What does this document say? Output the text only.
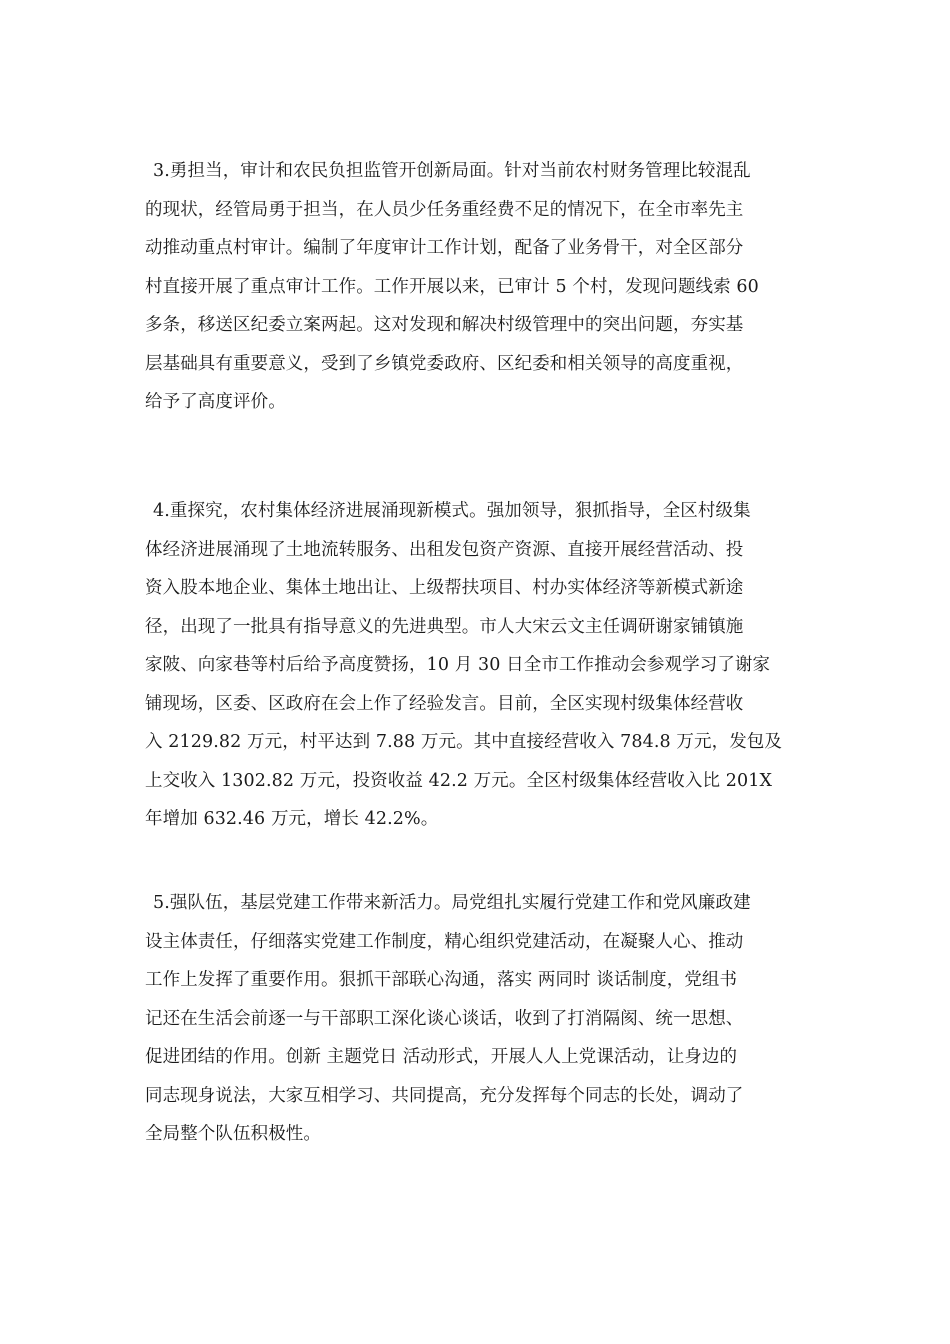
3.勇担当，审计和农民负担监管开创新局面。针对当前农村财务管理比较混乱
的现状，经管局勇于担当，在人员少任务重经费不足的情况下，在全市率先主
动推动重点村审计。编制了年度审计工作计划，配备了业务骨干，对全区部分
村直接开展了重点审计工作。工作开展以来，已审计 5 个村，发现问题线索 60
多条，移送区纪委立案两起。这对发现和解决村级管理中的突出问题，夯实基
层基础具有重要意义，受到了乡镇党委政府、区纪委和相关领导的高度重视，
给予了高度评价。
4.重探究，农村集体经济进展涌现新模式。强加领导，狠抓指导，全区村级集
体经济进展涌现了土地流转服务、出租发包资产资源、直接开展经营活动、投
资入股本地企业、集体土地出让、上级帮扶项目、村办实体经济等新模式新途
径，出现了一批具有指导意义的先进典型。市人大宋云文主任调研谢家铺镇施
家陂、向家巷等村后给予高度赞扬，10 月 30 日全市工作推动会参观学习了谢家
铺现场，区委、区政府在会上作了经验发言。目前，全区实现村级集体经营收
入 2129.82 万元，村平达到 7.88 万元。其中直接经营收入 784.8 万元，发包及
上交收入 1302.82 万元，投资收益 42.2 万元。全区村级集体经营收入比 201X
年增加 632.46 万元，增长 42.2%。
5.强队伍，基层党建工作带来新活力。局党组扎实履行党建工作和党风廉政建
设主体责任，仔细落实党建工作制度，精心组织党建活动，在凝聚人心、推动
工作上发挥了重要作用。狠抓干部联心沟通，落实 两同时 谈话制度，党组书
记还在生活会前逐一与干部职工深化谈心谈话，收到了打消隔阂、统一思想、
促进团结的作用。创新 主题党日 活动形式，开展人人上党课活动，让身边的
同志现身说法，大家互相学习、共同提高，充分发挥每个同志的长处，调动了
全局整个队伍积极性。
